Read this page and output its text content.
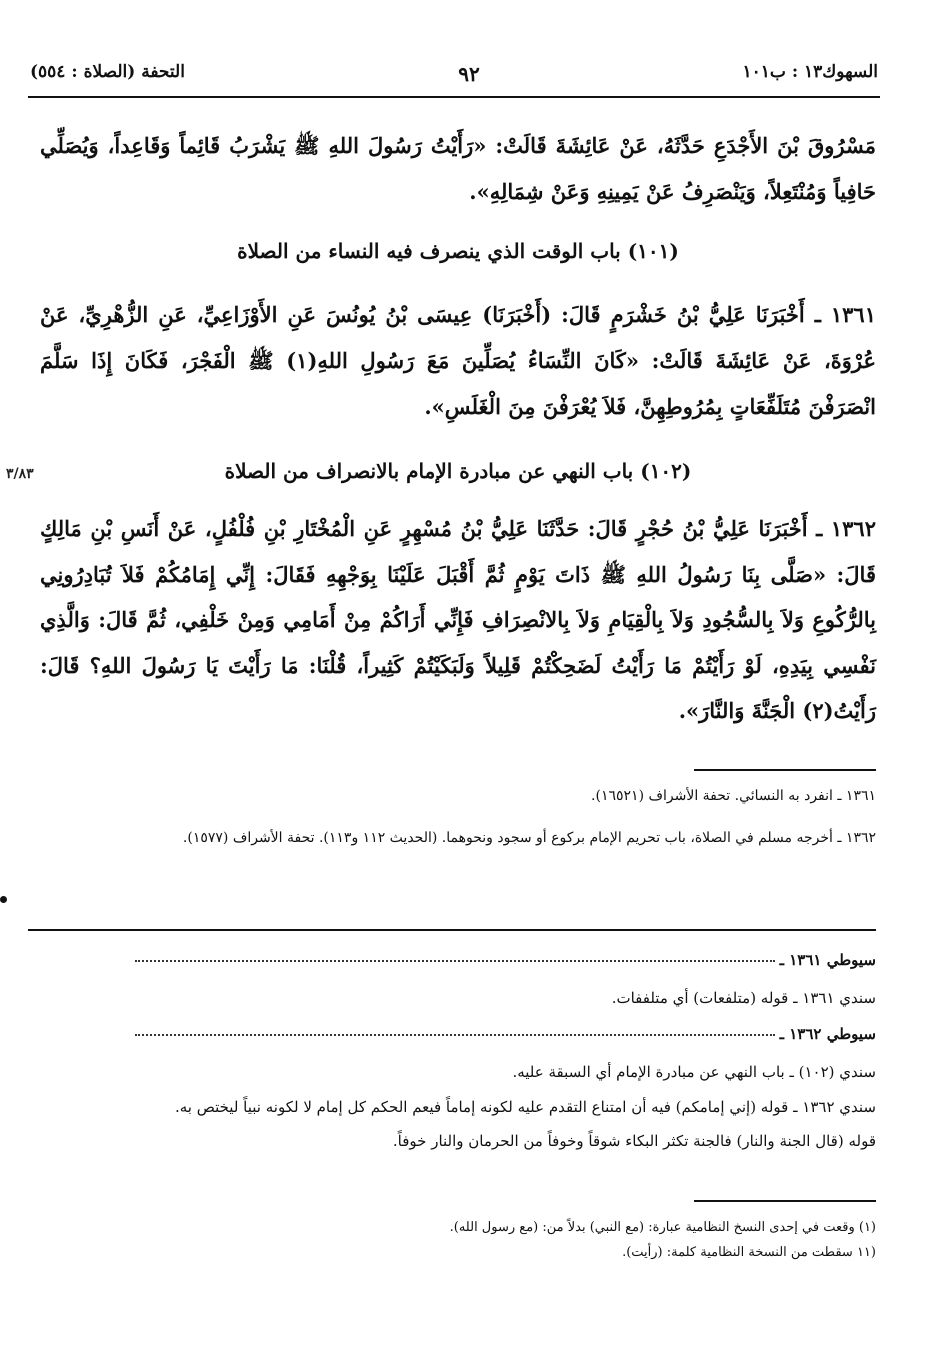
السهوك١٣ : ب١٠١
٩٢
التحفة (الصلاة : ٥٥٤)
مَسْرُوقَ بْنَ الأَجْدَعِ حَدَّثَهُ، عَنْ عَائِشَةَ قَالَتْ: «رَأَيْتُ رَسُولَ اللهِ ﷺ يَشْرَبُ قَائِماً وَقَاعِداً، وَيُصَلِّي حَافِياً وَمُنْتَعِلاً، وَيَنْصَرِفُ عَنْ يَمِينِهِ وَعَنْ شِمَالِهِ».
(١٠١) باب الوقت الذي ينصرف فيه النساء من الصلاة
١٣٦١ ـ أَخْبَرَنَا عَلِيُّ بْنُ خَشْرَمٍ قَالَ: (أَخْبَرَنَا) عِيسَى بْنُ يُونُسَ عَنِ الأَوْزَاعِيِّ، عَنِ الزُّهْرِيِّ، عَنْ عُرْوَةَ، عَنْ عَائِشَةَ قَالَتْ: «كَانَ النِّسَاءُ يُصَلِّينَ مَعَ رَسُولِ اللهِ(١) ﷺ الْفَجْرَ، فَكَانَ إِذَا سَلَّمَ انْصَرَفْنَ مُتَلَفِّعَاتٍ بِمُرُوطِهِنَّ، فَلاَ يُعْرَفْنَ مِنَ الْغَلَسِ».
(١٠٢) باب النهي عن مبادرة الإمام بالانصراف من الصلاة
٣/٨٣
١٣٦٢ ـ أَخْبَرَنَا عَلِيُّ بْنُ حُجْرٍ قَالَ: حَدَّثَنَا عَلِيُّ بْنُ مُسْهِرٍ عَنِ الْمُخْتَارِ بْنِ فُلْفُلٍ، عَنْ أَنَسِ بْنِ مَالِكٍ قَالَ: «صَلَّى بِنَا رَسُولُ اللهِ ﷺ ذَاتَ يَوْمٍ ثُمَّ أَقْبَلَ عَلَيْنَا بِوَجْهِهِ فَقَالَ: إِنِّي إِمَامُكُمْ فَلاَ تُبَادِرُونِي بِالرُّكُوعِ وَلاَ بِالسُّجُودِ وَلاَ بِالْقِيَامِ وَلاَ بِالانْصِرَافِ فَإِنِّي أَرَاكُمْ مِنْ أَمَامِي وَمِنْ خَلْفِي، ثُمَّ قَالَ: وَالَّذِي نَفْسِي بِيَدِهِ، لَوْ رَأَيْتُمْ مَا رَأَيْتُ لَضَحِكْتُمْ قَلِيلاً وَلَبَكَيْتُمْ كَثِيراً، قُلْنَا: مَا رَأَيْتَ يَا رَسُولَ اللهِ؟ قَالَ: رَأَيْتُ(٢) الْجَنَّةَ وَالنَّارَ».
١٣٦١ ـ انفرد به النسائي. تحفة الأشراف (١٦٥٢١).
١٣٦٢ ـ أخرجه مسلم في الصلاة، باب تحريم الإمام بركوع أو سجود ونحوهما. (الحديث ١١٢ و١١٣). تحفة الأشراف (١٥٧٧).
سيوطي ١٣٦١ ـ
سندي ١٣٦١ ـ قوله (متلفعات) أي متلففات.
سيوطي ١٣٦٢ ـ
سندي (١٠٢) ـ باب النهي عن مبادرة الإمام أي السبقة عليه.
سندي ١٣٦٢ ـ قوله (إني إمامكم) فيه أن امتناع التقدم عليه لكونه إماماً فيعم الحكم كل إمام لا لكونه نبياً ليختص به.
قوله (قال الجنة والنار) فالجنة تكثر البكاء شوقاً وخوفاً من الحرمان والنار خوفاً.
(١) وقعت في إحدى النسخ النظامية عبارة: (مع النبي) بدلاً من: (مع رسول الله).
(١١ سقطت من النسخة النظامية كلمة: (رأيت).
